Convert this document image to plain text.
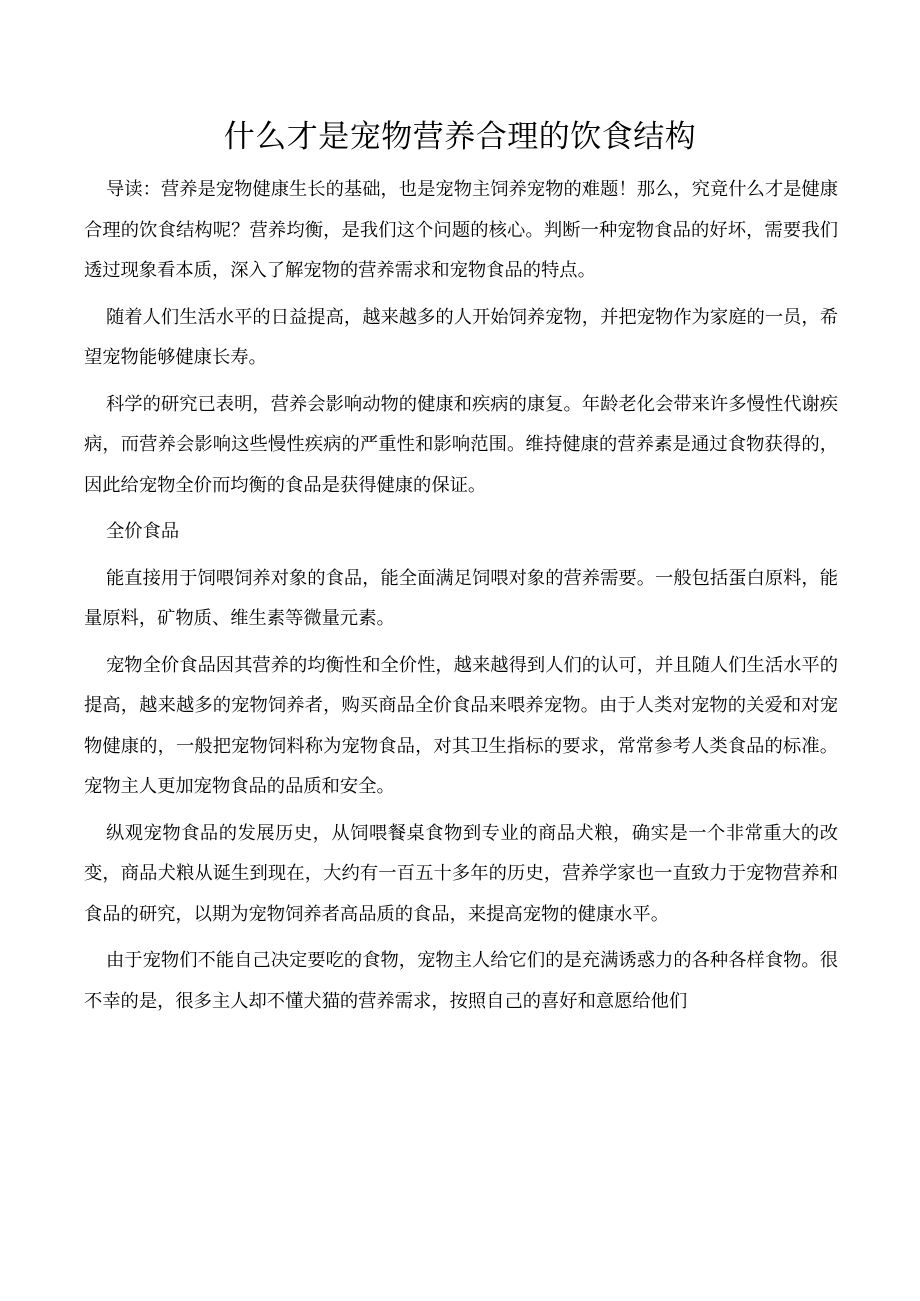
什么才是宠物营养合理的饮食结构

导读：营养是宠物健康生长的基础，也是宠物主饲养宠物的难题！那么，究竟什么才是健康合理的饮食结构呢？营养均衡，是我们这个问题的核心。判断一种宠物食品的好坏，需要我们透过现象看本质，深入了解宠物的营养需求和宠物食品的特点。

随着人们生活水平的日益提高，越来越多的人开始饲养宠物，并把宠物作为家庭的一员，希望宠物能够健康长寿。

科学的研究已表明，营养会影响动物的健康和疾病的康复。年龄老化会带来许多慢性代谢疾病，而营养会影响这些慢性疾病的严重性和影响范围。维持健康的营养素是通过食物获得的，因此给宠物全价而均衡的食品是获得健康的保证。

全价食品

能直接用于饲喂饲养对象的食品，能全面满足饲喂对象的营养需要。一般包括蛋白原料，能量原料，矿物质、维生素等微量元素。

宠物全价食品因其营养的均衡性和全价性，越来越得到人们的认可，并且随人们生活水平的提高，越来越多的宠物饲养者，购买商品全价食品来喂养宠物。由于人类对宠物的关爱和对宠物健康的，一般把宠物饲料称为宠物食品，对其卫生指标的要求，常常参考人类食品的标准。宠物主人更加宠物食品的品质和安全。

纵观宠物食品的发展历史，从饲喂餐桌食物到专业的商品犬粮，确实是一个非常重大的改变，商品犬粮从诞生到现在，大约有一百五十多年的历史，营养学家也一直致力于宠物营养和食品的研究，以期为宠物饲养者高品质的食品，来提高宠物的健康水平。

由于宠物们不能自己决定要吃的食物，宠物主人给它们的是充满诱惑力的各种各样食物。很不幸的是，很多主人却不懂犬猫的营养需求，按照自己的喜好和意愿给他们
